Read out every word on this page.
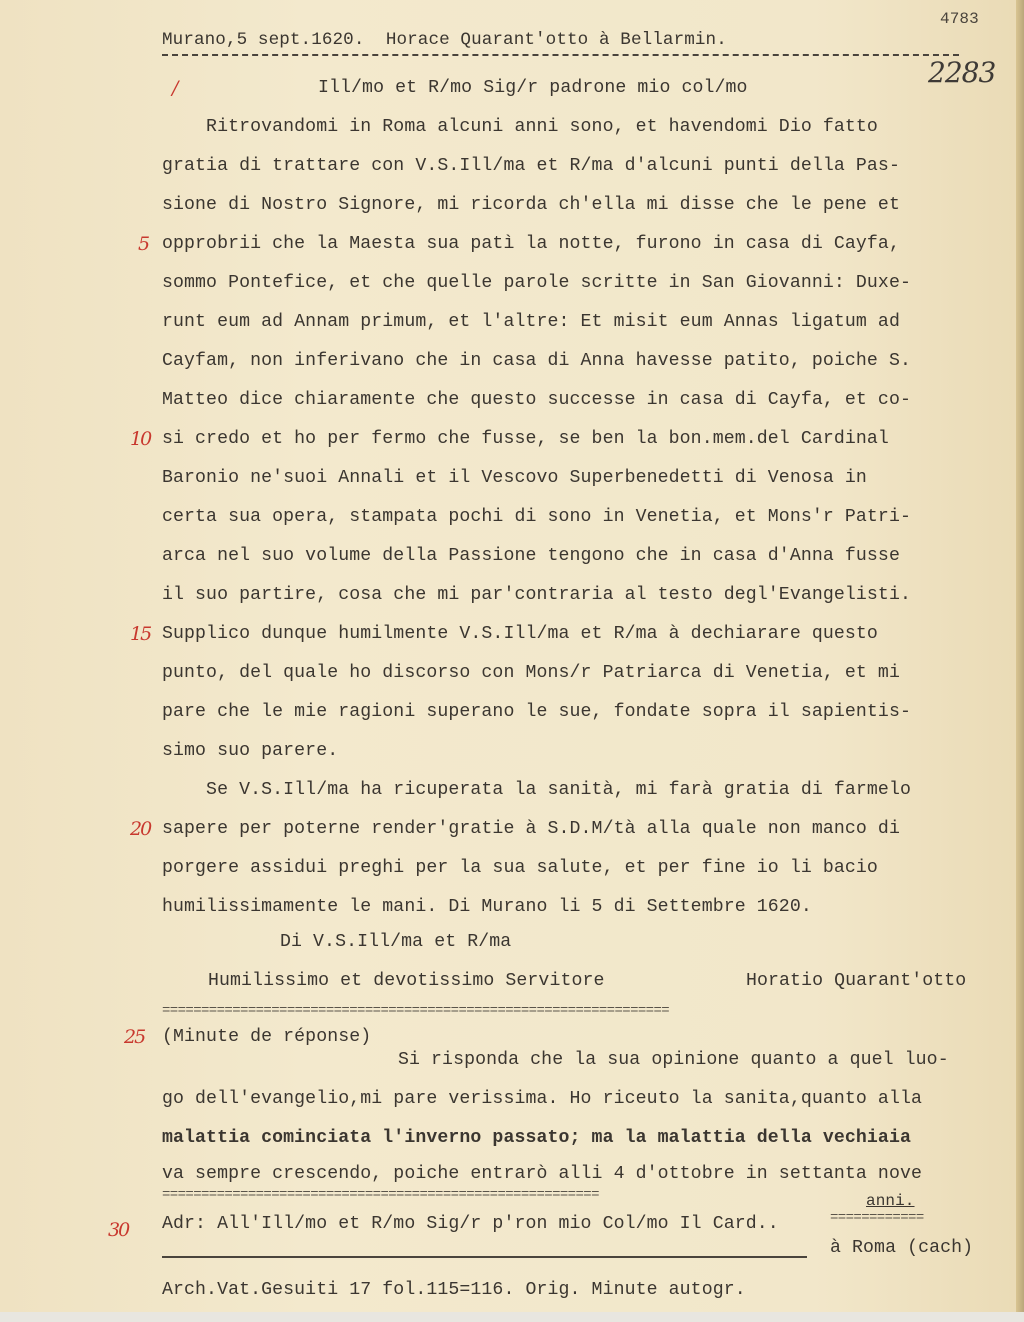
Murano,5 sept.1620.  Horace Quarant'otto à Bellarmin.
4783
2283
/
5
10
15
20
25
30
Ill/mo et R/mo Sig/r padrone mio col/mo
Ritrovandomi in Roma alcuni anni sono, et havendomi Dio fatto
gratia di trattare con V.S.Ill/ma et R/ma d'alcuni punti della Pas-
sione di Nostro Signore, mi ricorda ch'ella mi disse che le pene et
opprobrii che la Maesta sua patì la notte, furono in casa di Cayfa,
sommo Pontefice, et che quelle parole scritte in San Giovanni: Duxe-
runt eum ad Annam primum, et l'altre: Et misit eum Annas ligatum ad
Cayfam, non inferivano che in casa di Anna havesse patito, poiche S.
Matteo dice chiaramente che questo successe in casa di Cayfa, et co-
si credo et ho per fermo che fusse, se ben la bon.mem.del Cardinal
Baronio ne'suoi Annali et il Vescovo Superbenedetti di Venosa in
certa sua opera, stampata pochi di sono in Venetia, et Mons'r Patri-
arca nel suo volume della Passione tengono che in casa d'Anna fusse
il suo partire, cosa che mi par'contraria al testo degl'Evangelisti.
Supplico dunque humilmente V.S.Ill/ma et R/ma à dechiarare questo
punto, del quale ho discorso con Mons/r Patriarca di Venetia, et mi
pare che le mie ragioni superano le sue, fondate sopra il sapientis-
simo suo parere.
Se V.S.Ill/ma ha ricuperata la sanità, mi farà gratia di farmelo
sapere per poterne render'gratie à S.D.M/tà alla quale non manco di
porgere assidui preghi per la sua salute, et per fine io li bacio
humilissimamente le mani. Di Murano li 5 di Settembre 1620.
Di V.S.Ill/ma et R/ma
Humilissimo et devotissimo Servitore	Horatio Quarant'otto
=================================================================
(Minute de réponse)
Si risponda che la sua opinione quanto a quel luo-
go dell'evangelio,mi pare verissima. Ho riceuto la sanita,quanto alla
malattia cominciata l'inverno passato; ma la malattia della vechiaia
va sempre crescendo, poiche entrarò alli 4 d'ottobre in settanta nove
========================================================	anni.
============
Adr: All'Ill/mo et R/mo Sig/r p'ron mio Col/mo Il Card..
à Roma (cach)
Arch.Vat.Gesuiti 17 fol.115=116. Orig. Minute autogr.
